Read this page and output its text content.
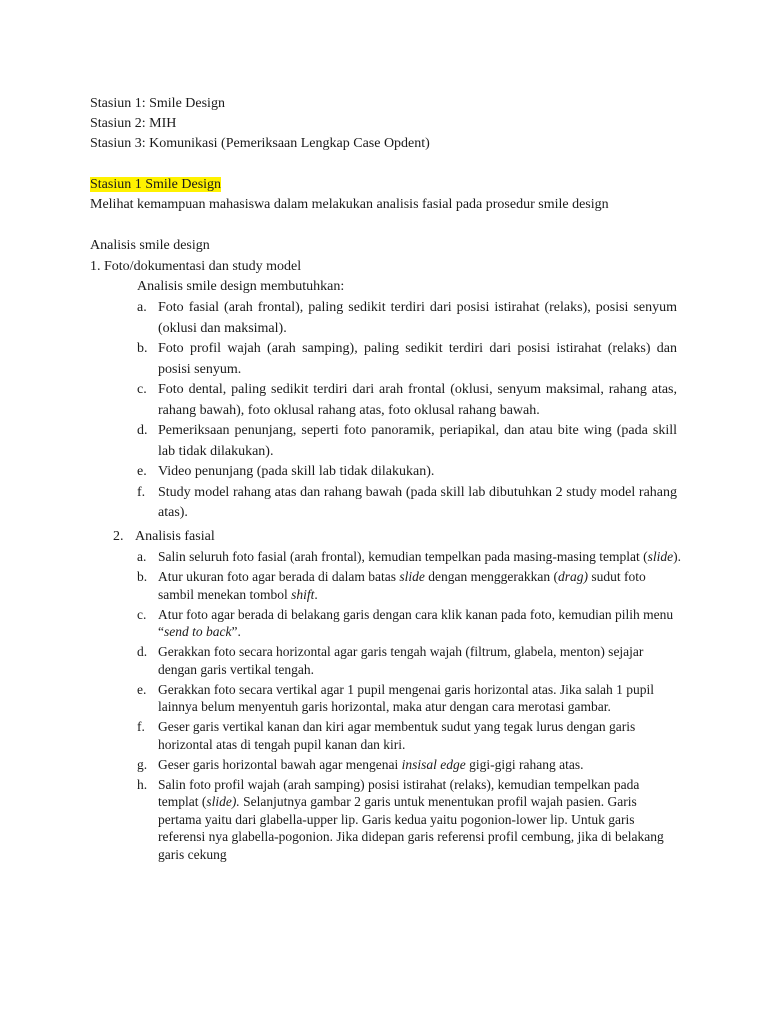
Stasiun 1: Smile Design
Stasiun 2: MIH
Stasiun 3: Komunikasi (Pemeriksaan Lengkap Case Opdent)
Stasiun 1 Smile Design
Melihat kemampuan mahasiswa dalam melakukan analisis fasial pada prosedur smile design
Analisis smile design
1. Foto/dokumentasi dan study model
Analisis smile design membutuhkan:
a. Foto fasial (arah frontal), paling sedikit terdiri dari posisi istirahat (relaks), posisi senyum (oklusi dan maksimal).
b. Foto profil wajah (arah samping), paling sedikit terdiri dari posisi istirahat (relaks) dan posisi senyum.
c. Foto dental, paling sedikit terdiri dari arah frontal (oklusi, senyum maksimal, rahang atas, rahang bawah), foto oklusal rahang atas, foto oklusal rahang bawah.
d. Pemeriksaan penunjang, seperti foto panoramik, periapikal, dan atau bite wing (pada skill lab tidak dilakukan).
e. Video penunjang (pada skill lab tidak dilakukan).
f. Study model rahang atas dan rahang bawah (pada skill lab dibutuhkan 2 study model rahang atas).
2. Analisis fasial
a. Salin seluruh foto fasial (arah frontal), kemudian tempelkan pada masing-masing templat (slide).
b. Atur ukuran foto agar berada di dalam batas slide dengan menggerakkan (drag) sudut foto sambil menekan tombol shift.
c. Atur foto agar berada di belakang garis dengan cara klik kanan pada foto, kemudian pilih menu “send to back”.
d. Gerakkan foto secara horizontal agar garis tengah wajah (filtrum, glabela, menton) sejajar dengan garis vertikal tengah.
e. Gerakkan foto secara vertikal agar 1 pupil mengenai garis horizontal atas. Jika salah 1 pupil lainnya belum menyentuh garis horizontal, maka atur dengan cara merotasi gambar.
f. Geser garis vertikal kanan dan kiri agar membentuk sudut yang tegak lurus dengan garis horizontal atas di tengah pupil kanan dan kiri.
g. Geser garis horizontal bawah agar mengenai insisal edge gigi-gigi rahang atas.
h. Salin foto profil wajah (arah samping) posisi istirahat (relaks), kemudian tempelkan pada templat (slide). Selanjutnya gambar 2 garis untuk menentukan profil wajah pasien. Garis pertama yaitu dari glabella-upper lip. Garis kedua yaitu pogonion-lower lip. Untuk garis referensi nya glabella-pogonion. Jika didepan garis referensi profil cembung, jika di belakang garis cekung
